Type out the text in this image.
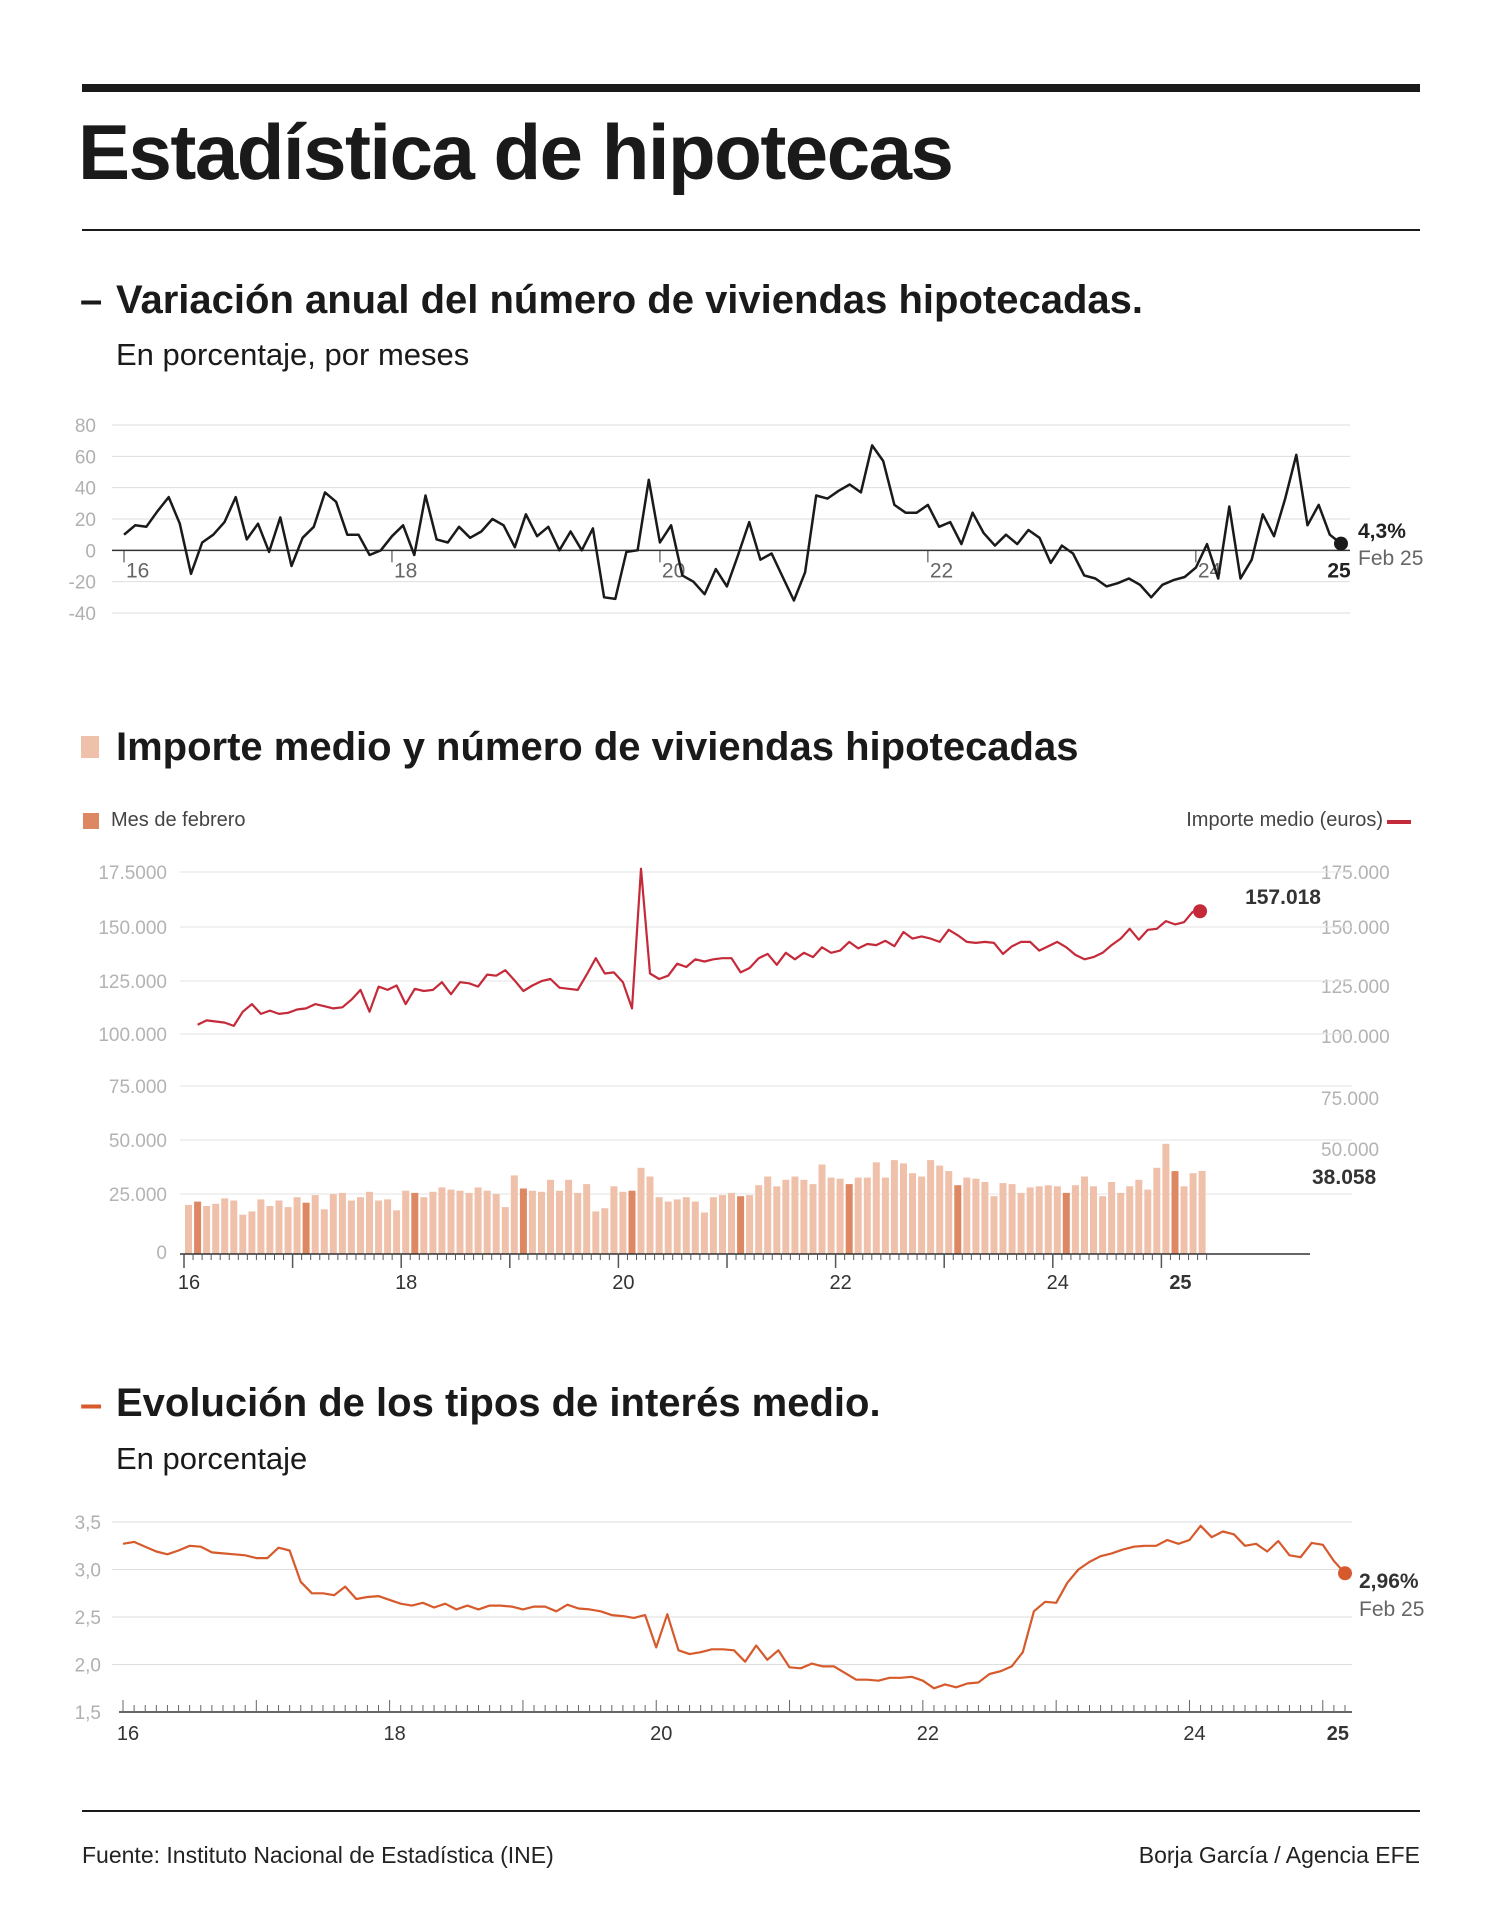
Estadística de hipotecas
– Variación anual del número de viviendas hipotecadas.
En porcentaje, por meses
80
60
40
20
0
-20
-40
16	18	20	22	24	25
4,3%
Feb 25
Importe medio y número de viviendas hipotecadas
Mes de febrero	Importe medio (euros)
17.5000
150.000
125.000
100.000
75.000
50.000
25.000
0
175.000
150.000
125.000
100.000
75.000
50.000
16	18	20	22	24	25
157.018
38.058
– Evolución de los tipos de interés medio.
En porcentaje
3,5
3,0
2,5
2,0
1,5
16	18	20	22	24	25
2,96%
Feb 25
Fuente: Instituto Nacional de Estadística (INE)	Borja García / Agencia EFE
